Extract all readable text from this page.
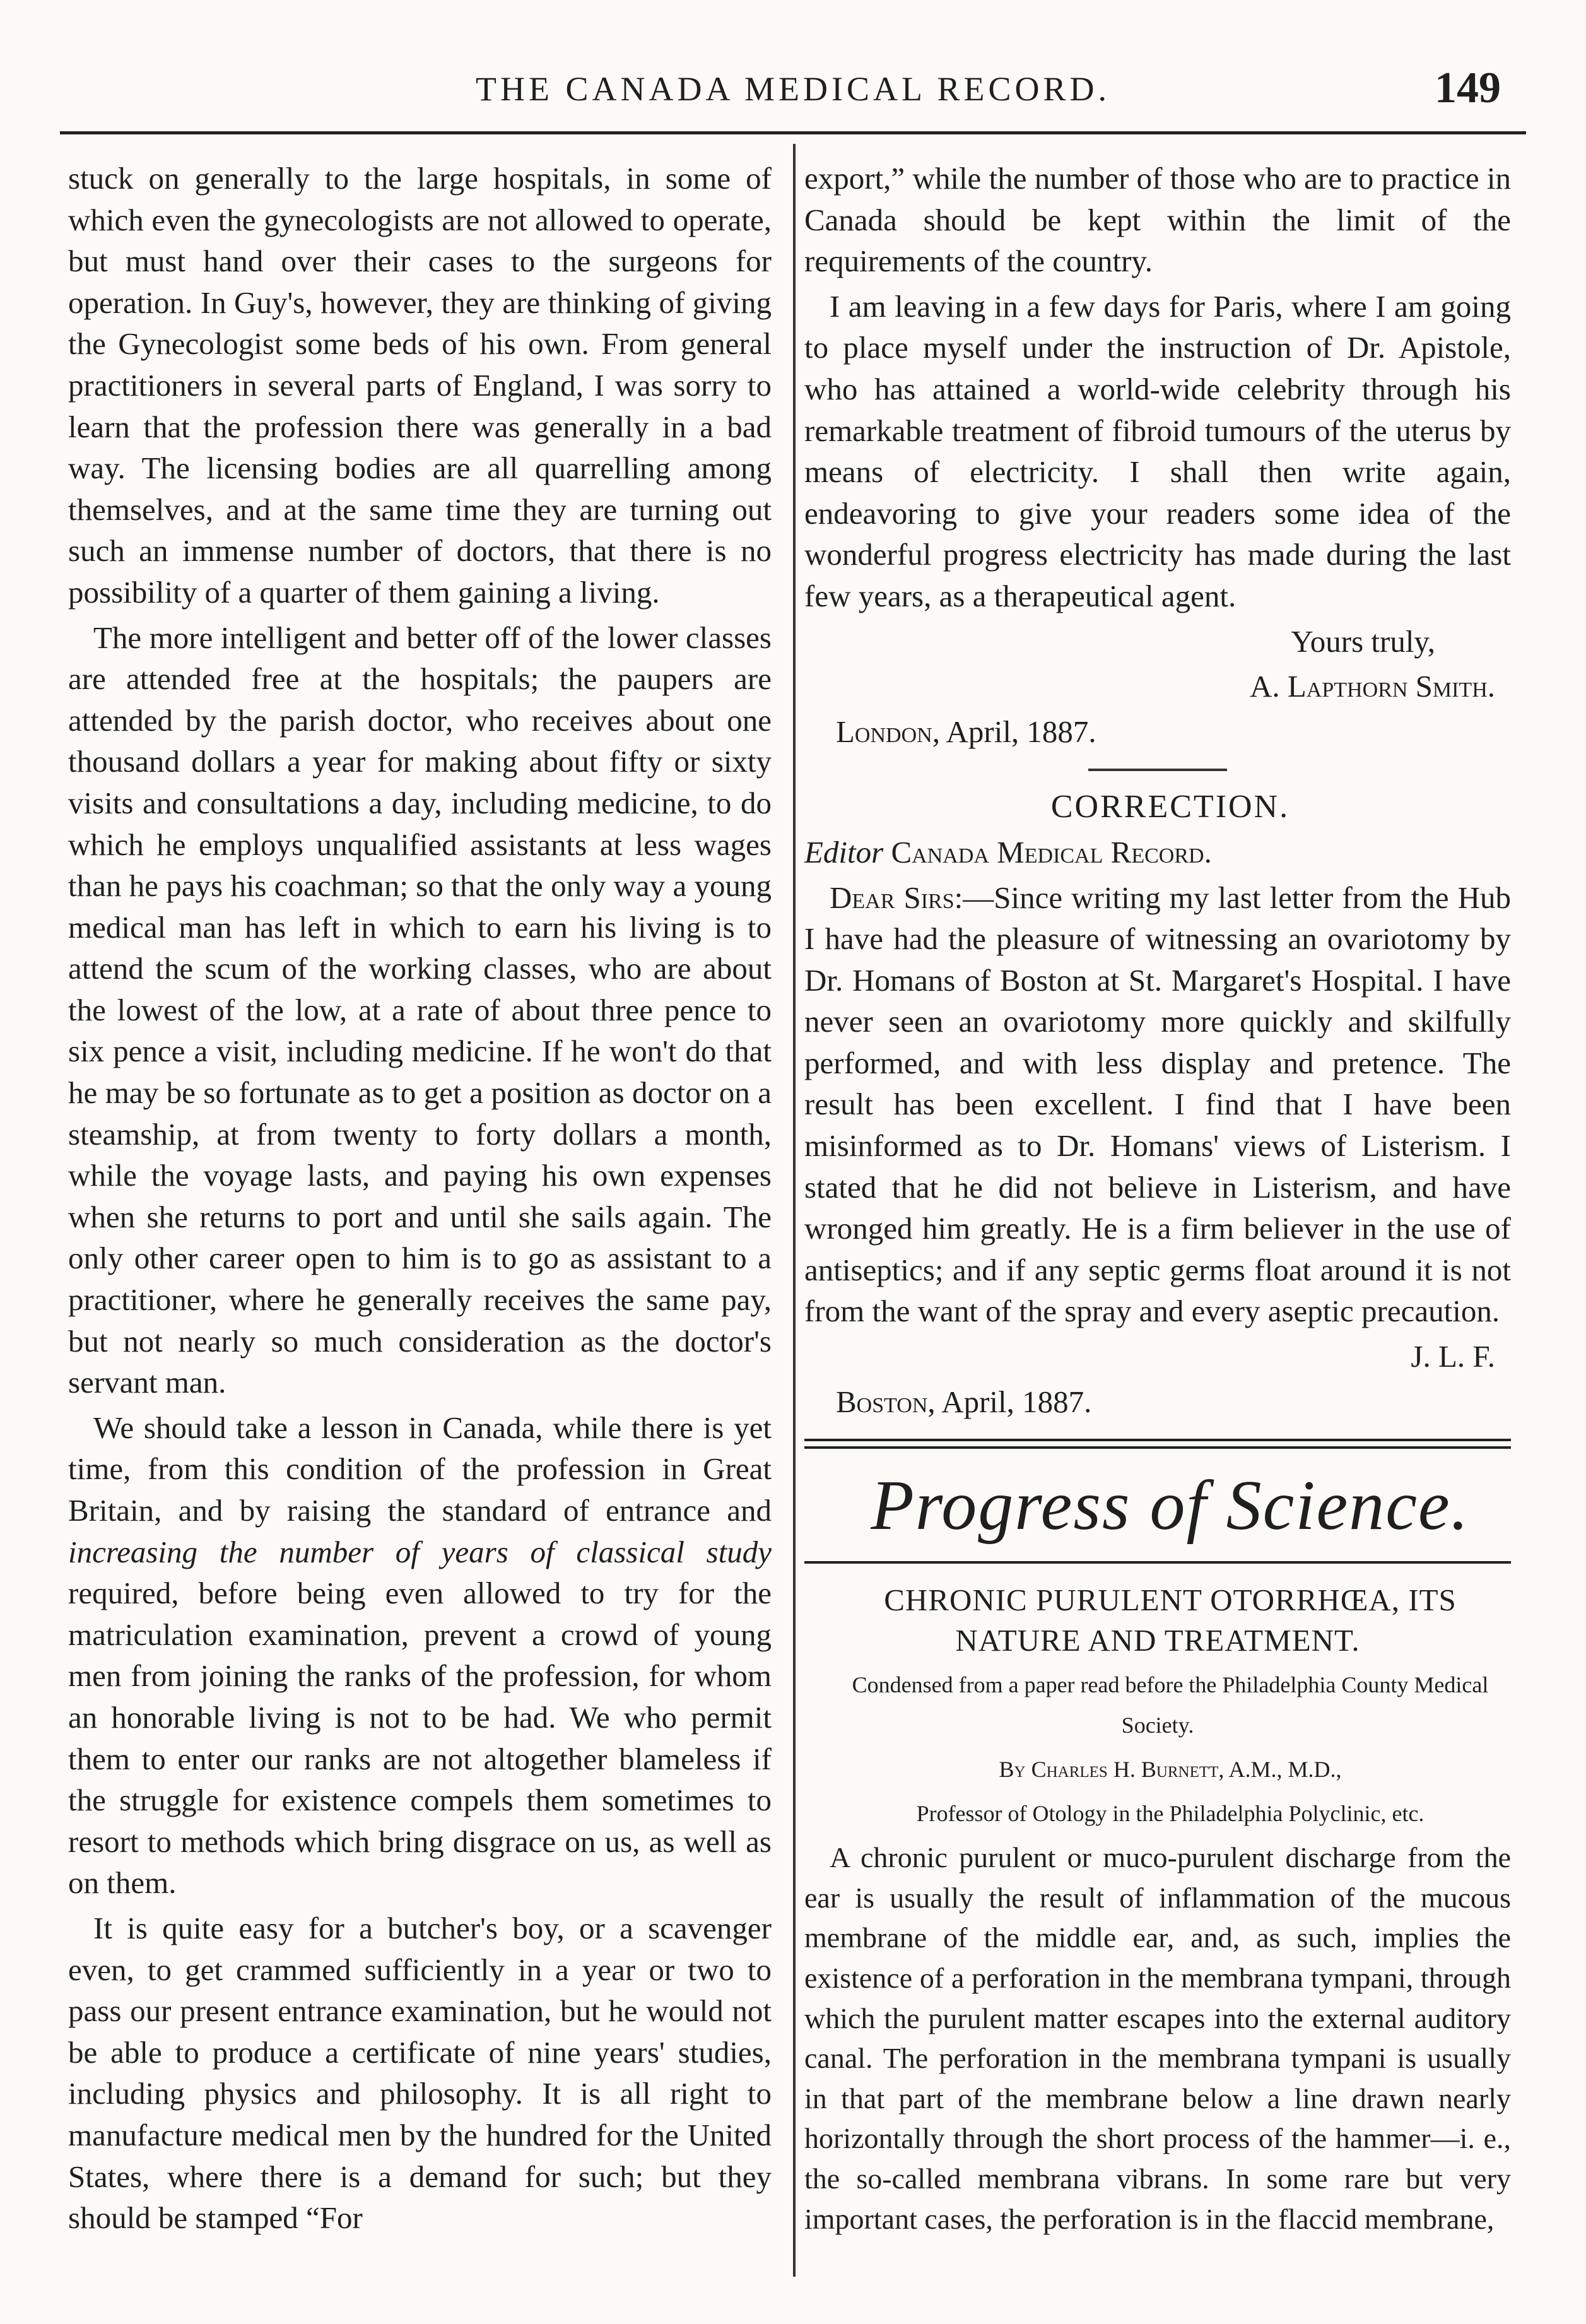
THE CANADA MEDICAL RECORD.	149

stuck on generally to the large hospitals, in some of which even the gynecologists are not allowed to operate, but must hand over their cases to the surgeons for operation. In Guy's, however, they are thinking of giving the Gynecologist some beds of his own. From general practitioners in several parts of England, I was sorry to learn that the profession there was generally in a bad way. The licensing bodies are all quarrelling among themselves, and at the same time they are turning out such an immense number of doctors, that there is no possibility of a quarter of them gaining a living.

The more intelligent and better off of the lower classes are attended free at the hospitals; the paupers are attended by the parish doctor, who receives about one thousand dollars a year for making about fifty or sixty visits and consultations a day, including medicine, to do which he employs unqualified assistants at less wages than he pays his coachman; so that the only way a young medical man has left in which to earn his living is to attend the scum of the working classes, who are about the lowest of the low, at a rate of about three pence to six pence a visit, including medicine. If he won't do that he may be so fortunate as to get a position as doctor on a steamship, at from twenty to forty dollars a month, while the voyage lasts, and paying his own expenses when she returns to port and until she sails again. The only other career open to him is to go as assistant to a practitioner, where he generally receives the same pay, but not nearly so much consideration as the doctor's servant man.

We should take a lesson in Canada, while there is yet time, from this condition of the profession in Great Britain, and by raising the standard of entrance and increasing the number of years of classical study required, before being even allowed to try for the matriculation examination, prevent a crowd of young men from joining the ranks of the profession, for whom an honorable living is not to be had. We who permit them to enter our ranks are not altogether blameless if the struggle for existence compels them sometimes to resort to methods which bring disgrace on us, as well as on them.

It is quite easy for a butcher's boy, or a scavenger even, to get crammed sufficiently in a year or two to pass our present entrance examination, but he would not be able to produce a certificate of nine years' studies, including physics and philosophy. It is all right to manufacture medical men by the hundred for the United States, where there is a demand for such; but they should be stamped “For

export,” while the number of those who are to practice in Canada should be kept within the limit of the requirements of the country.

I am leaving in a few days for Paris, where I am going to place myself under the instruction of Dr. Apistole, who has attained a world-wide celebrity through his remarkable treatment of fibroid tumours of the uterus by means of electricity. I shall then write again, endeavoring to give your readers some idea of the wonderful progress electricity has made during the last few years, as a therapeutical agent.

Yours truly,

A. Lapthorn Smith.

London, April, 1887.

CORRECTION.

Editor Canada Medical Record.

Dear Sirs:—Since writing my last letter from the Hub I have had the pleasure of witnessing an ovariotomy by Dr. Homans of Boston at St. Margaret's Hospital. I have never seen an ovariotomy more quickly and skilfully performed, and with less display and pretence. The result has been excellent. I find that I have been misinformed as to Dr. Homans' views of Listerism. I stated that he did not believe in Listerism, and have wronged him greatly. He is a firm believer in the use of antiseptics; and if any septic germs float around it is not from the want of the spray and every aseptic precaution.

J. L. F.

Boston, April, 1887.

Progress of Science.

CHRONIC PURULENT OTORRHŒA, ITS NATURE AND TREATMENT.

Condensed from a paper read before the Philadelphia County Medical Society.

By Charles H. Burnett, A.M., M.D.,

Professor of Otology in the Philadelphia Polyclinic, etc.

A chronic purulent or muco-purulent discharge from the ear is usually the result of inflammation of the mucous membrane of the middle ear, and, as such, implies the existence of a perforation in the membrana tympani, through which the purulent matter escapes into the external auditory canal. The perforation in the membrana tympani is usually in that part of the membrane below a line drawn nearly horizontally through the short process of the hammer—i. e., the so-called membrana vibrans. In some rare but very important cases, the perforation is in the flaccid membrane,
